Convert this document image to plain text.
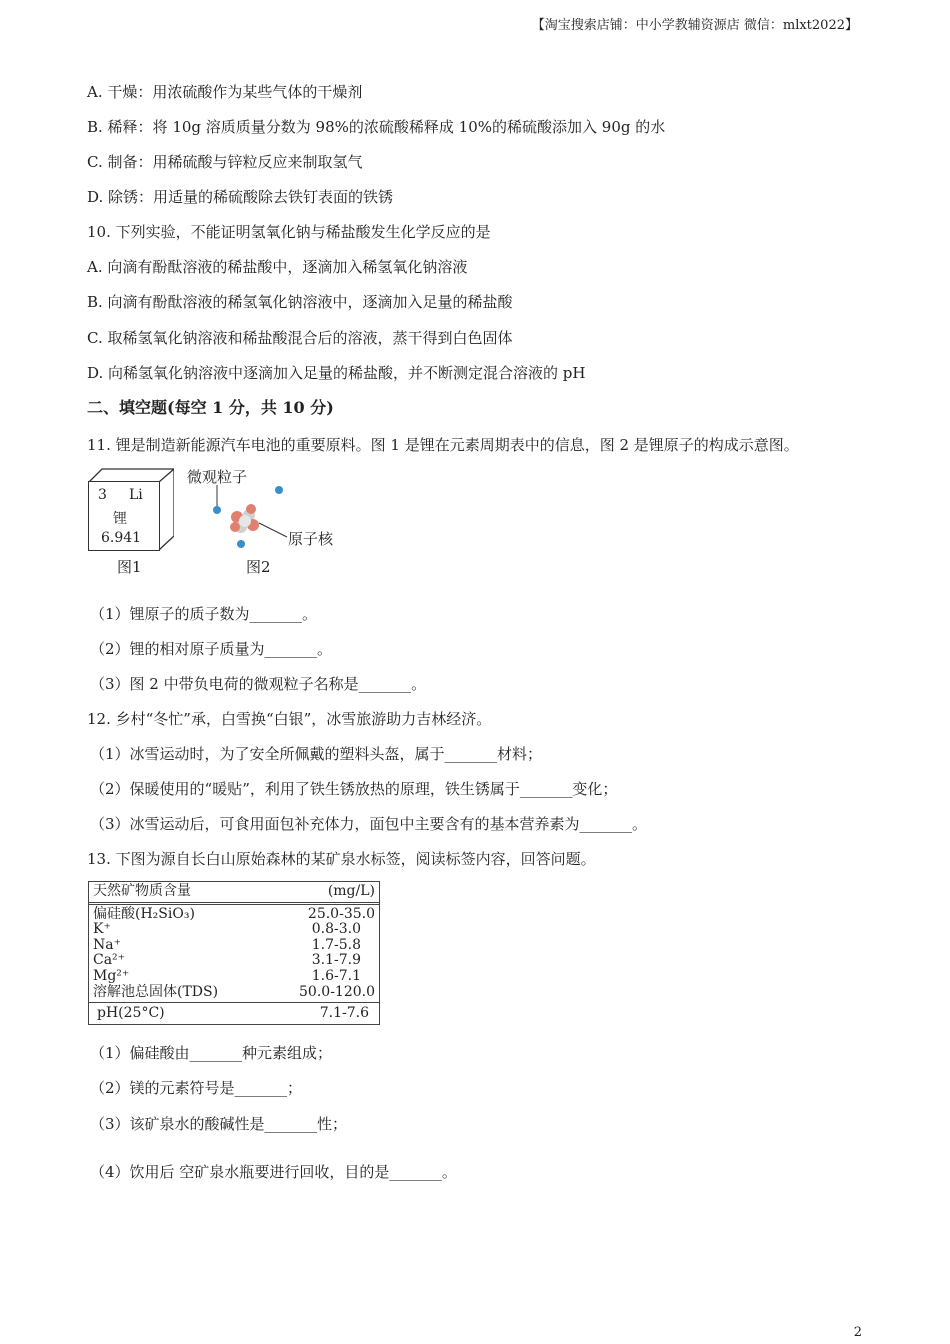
【淘宝搜索店铺：中小学教辅资源店 微信：mlxt2022】
A. 干燥：用浓硫酸作为某些气体的干燥剂
B. 稀释：将 10g 溶质质量分数为 98%的浓硫酸稀释成 10%的稀硫酸添加入 90g 的水
C. 制备：用稀硫酸与锌粒反应来制取氢气
D. 除锈：用适量的稀硫酸除去铁钉表面的铁锈
10. 下列实验，不能证明氢氧化钠与稀盐酸发生化学反应的是
A. 向滴有酚酞溶液的稀盐酸中，逐滴加入稀氢氧化钠溶液
B. 向滴有酚酞溶液的稀氢氧化钠溶液中，逐滴加入足量的稀盐酸
C. 取稀氢氧化钠溶液和稀盐酸混合后的溶液，蒸干得到白色固体
D. 向稀氢氧化钠溶液中逐滴加入足量的稀盐酸，并不断测定混合溶液的 pH
二、填空题(每空 1 分，共 10 分)
11. 锂是制造新能源汽车电池的重要原料。图 1 是锂在元素周期表中的信息，图 2 是锂原子的构成示意图。
3 Li
锂
6.941
图1
微观粒子
原子核
图2
（1）锂原子的质子数为_______。
（2）锂的相对原子质量为_______。
（3）图 2 中带负电荷的微观粒子名称是_______。
12. 乡村“冬忙”承，白雪换“白银”，冰雪旅游助力吉林经济。
（1）冰雪运动时，为了安全所佩戴的塑料头盔，属于_______材料；
（2）保暖使用的“暖贴”，利用了铁生锈放热的原理，铁生锈属于_______变化；
（3）冰雪运动后，可食用面包补充体力，面包中主要含有的基本营养素为_______。
13. 下图为源自长白山原始森林的某矿泉水标签，阅读标签内容，回答问题。
天然矿物质含量	(mg/L)
偏硅酸(H₂SiO₃)	25.0-35.0
K⁺	0.8-3.0
Na⁺	1.7-5.8
Ca²⁺	3.1-7.9
Mg²⁺	1.6-7.1
溶解池总固体(TDS)	50.0-120.0
pH(25°C)	7.1-7.6
（1）偏硅酸由_______种元素组成；
（2）镁的元素符号是_______；
（3）该矿泉水的酸碱性是_______性；
（4）饮用后 空矿泉水瓶要进行回收，目的是_______。
2
